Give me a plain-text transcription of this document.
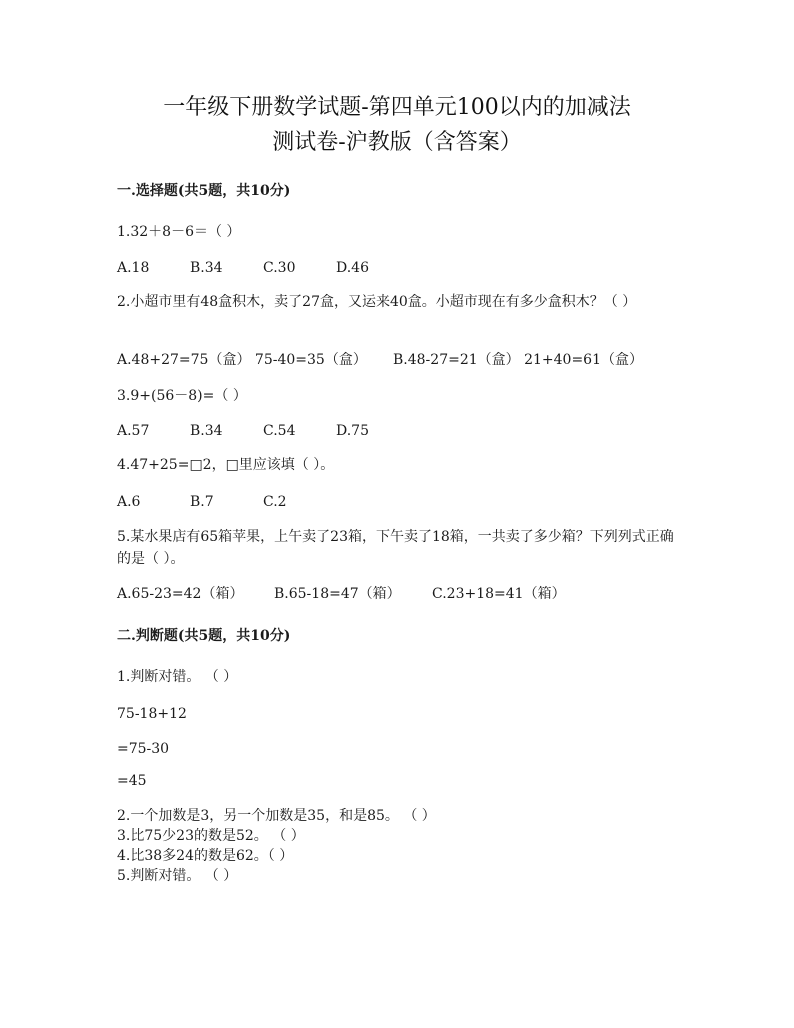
一年级下册数学试题-第四单元100以内的加减法
测试卷-沪教版（含答案）
一.选择题(共5题，共10分)
1.32＋8－6＝（ ）
A.18	B.34	C.30	D.46
2.小超市里有48盒积木，卖了27盒，又运来40盒。小超市现在有多少盒积木？（ ）
A.48+27=75（盒） 75-40=35（盒） B.48-27=21（盒） 21+40=61（盒）
3.9+(56－8)=（ ）
A.57	B.34	C.54	D.75
4.47+25=□2，□里应该填（ ）。
A.6	B.7	C.2
5.某水果店有65箱苹果，上午卖了23箱，下午卖了18箱，一共卖了多少箱？下列列式正确的是（ ）。
A.65-23=42（箱） B.65-18=47（箱） C.23+18=41（箱）
二.判断题(共5题，共10分)
1.判断对错。 （ ）
75-18+12
=75-30
=45
2.一个加数是3，另一个加数是35，和是85。 （ ）
3.比75少23的数是52。 （ ）
4.比38多24的数是62。（ ）
5.判断对错。 （ ）
